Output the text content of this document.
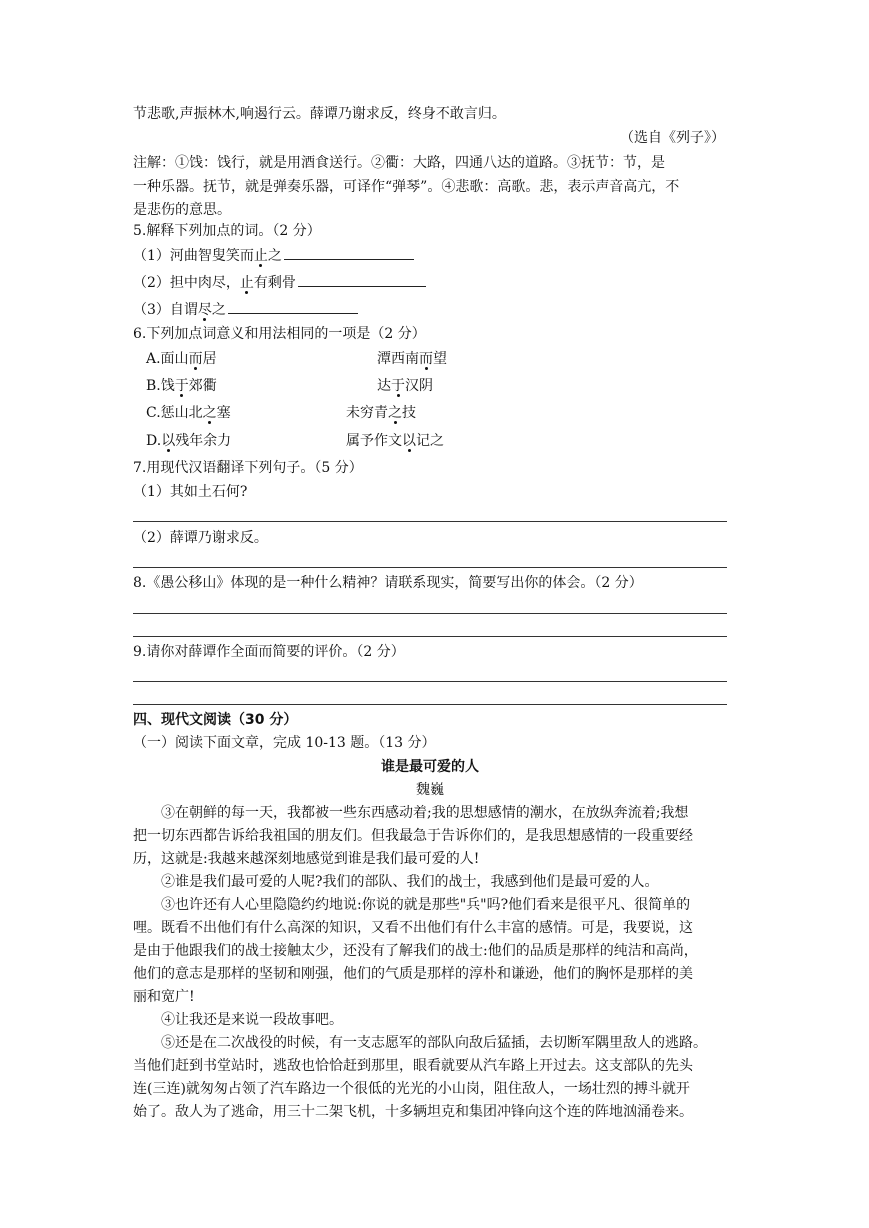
节悲歌,声振林木,响遏行云。薛谭乃谢求反，终身不敢言归。
（选自《列子》）
注解：①饯：饯行，就是用酒食送行。②衢：大路，四通八达的道路。③抚节：节，是
一种乐器。抚节，就是弹奏乐器，可译作“弹琴”。④悲歌：高歌。悲，表示声音高亢，不
是悲伤的意思。
5.解释下列加点的词。（2 分）
（1）河曲智叟笑而止之
（2）担中肉尽，止有剩骨
（3）自谓尽之
6.下列加点词意义和用法相同的一项是（2 分）
A.面山而居	潭西南而望
B.饯于郊衢	达于汉阴
C.惩山北之塞	未穷青之技
D.以残年余力	属予作文以记之
7.用现代汉语翻译下列句子。（5 分）
（1）其如土石何?
（2）薛谭乃谢求反。
8.《愚公移山》体现的是一种什么精神？请联系现实，简要写出你的体会。（2 分）
9.请你对薛谭作全面而简要的评价。（2 分）
四、现代文阅读（30 分）
（一）阅读下面文章，完成 10-13 题。（13 分）
谁是最可爱的人
魏巍
　　③在朝鲜的每一天，我都被一些东西感动着;我的思想感情的潮水，在放纵奔流着;我想
把一切东西都告诉给我祖国的朋友们。但我最急于告诉你们的，是我思想感情的一段重要经
历，这就是:我越来越深刻地感觉到谁是我们最可爱的人!
　　②谁是我们最可爱的人呢?我们的部队、我们的战士，我感到他们是最可爱的人。
　　③也许还有人心里隐隐约约地说:你说的就是那些"兵"吗?他们看来是很平凡、很简单的
哩。既看不出他们有什么高深的知识，又看不出他们有什么丰富的感情。可是，我要说，这
是由于他跟我们的战士接触太少，还没有了解我们的战士:他们的品质是那样的纯洁和高尚，
他们的意志是那样的坚韧和刚强，他们的气质是那样的淳朴和谦逊，他们的胸怀是那样的美
丽和宽广!
　　④让我还是来说一段故事吧。
　　⑤还是在二次战役的时候，有一支志愿军的部队向敌后猛插，去切断军隅里敌人的逃路。
当他们赶到书堂站时，逃敌也恰恰赶到那里，眼看就要从汽车路上开过去。这支部队的先头
连(三连)就匆匆占领了汽车路边一个很低的光光的小山岗，阻住敌人，一场壮烈的搏斗就开
始了。敌人为了逃命，用三十二架飞机，十多辆坦克和集团冲锋向这个连的阵地汹涌卷来。
